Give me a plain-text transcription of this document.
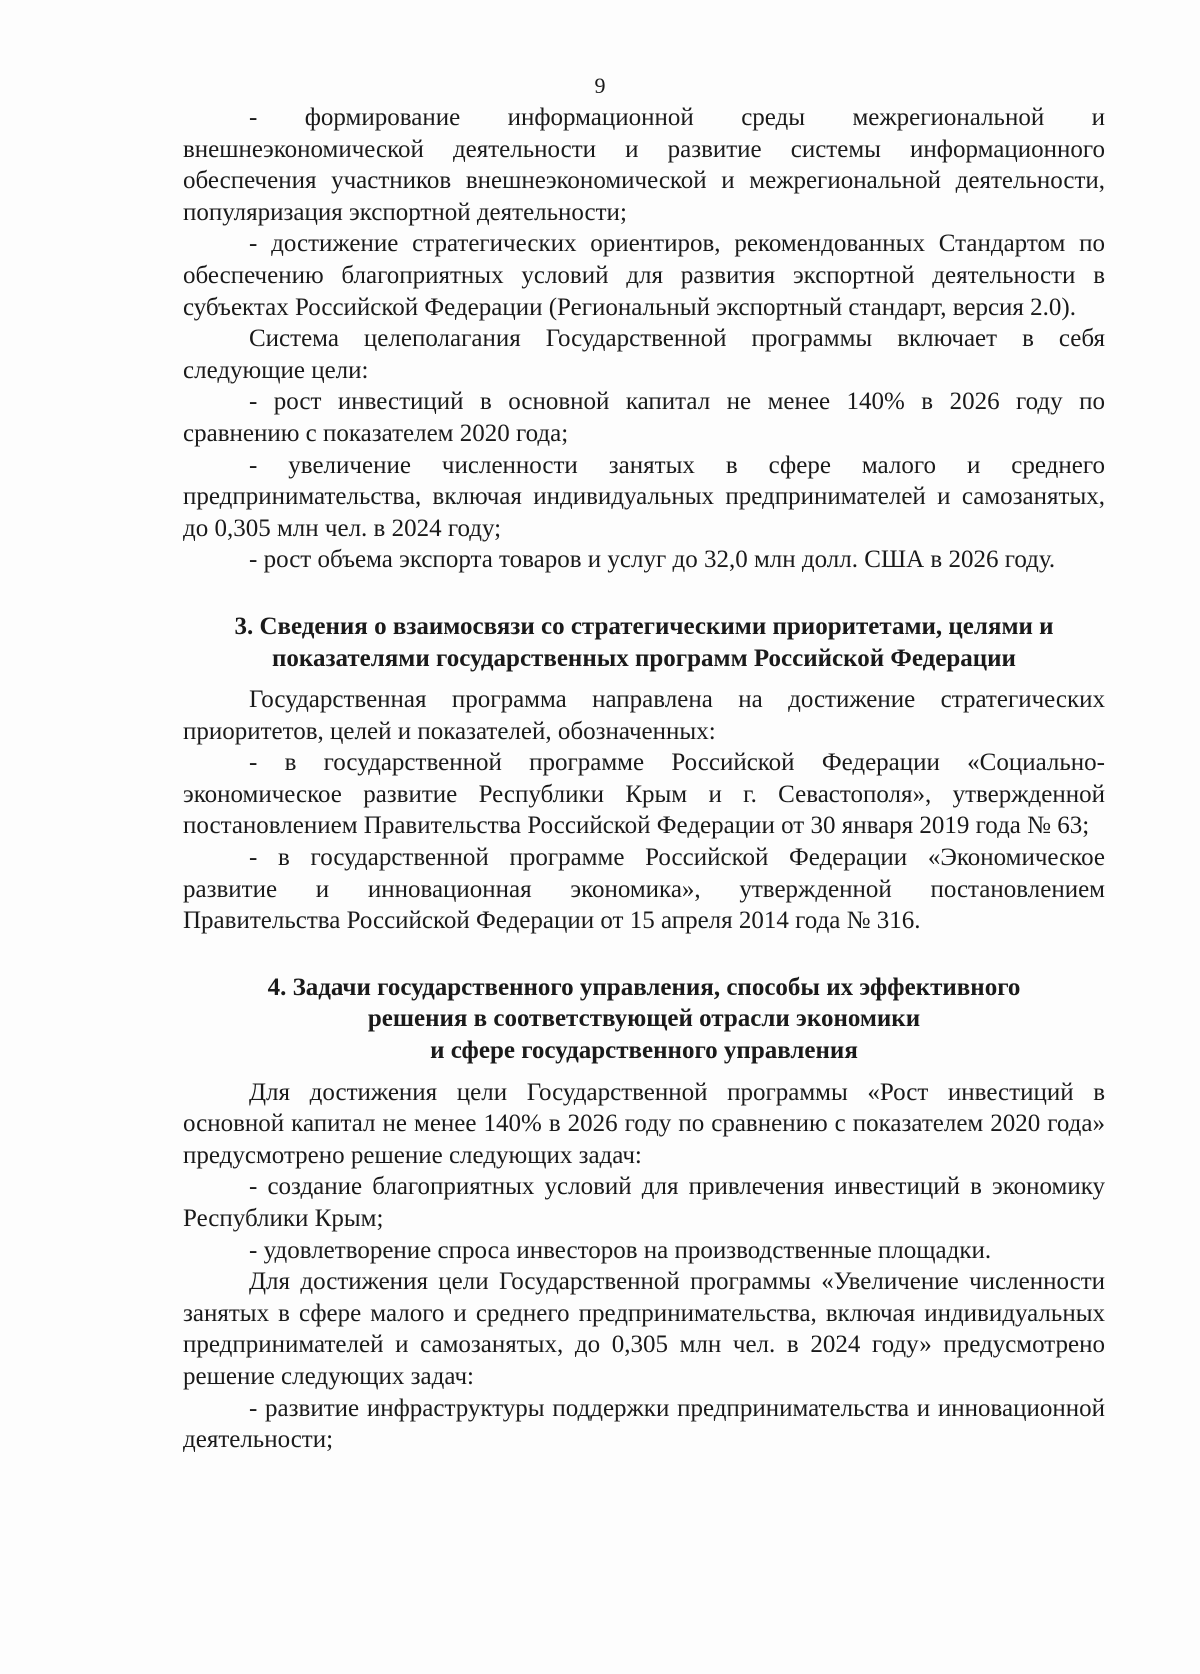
9

- формирование информационной среды межрегиональной и внешнеэкономической деятельности и развитие системы информационного обеспечения участников внешнеэкономической и межрегиональной деятельности, популяризация экспортной деятельности;

- достижение стратегических ориентиров, рекомендованных Стандартом по обеспечению благоприятных условий для развития экспортной деятельности в субъектах Российской Федерации (Региональный экспортный стандарт, версия 2.0).

Система целеполагания Государственной программы включает в себя следующие цели:

- рост инвестиций в основной капитал не менее 140% в 2026 году по сравнению с показателем 2020 года;

- увеличение численности занятых в сфере малого и среднего предпринимательства, включая индивидуальных предпринимателей и самозанятых, до 0,305 млн чел. в 2024 году;

- рост объема экспорта товаров и услуг до 32,0 млн долл. США в 2026 году.

3. Сведения о взаимосвязи со стратегическими приоритетами, целями и показателями государственных программ Российской Федерации

Государственная программа направлена на достижение стратегических приоритетов, целей и показателей, обозначенных:

- в государственной программе Российской Федерации «Социально-экономическое развитие Республики Крым и г. Севастополя», утвержденной постановлением Правительства Российской Федерации от 30 января 2019 года № 63;

- в государственной программе Российской Федерации «Экономическое развитие и инновационная экономика», утвержденной постановлением Правительства Российской Федерации от 15 апреля 2014 года № 316.

4. Задачи государственного управления, способы их эффективного
решения в соответствующей отрасли экономики
и сфере государственного управления

Для достижения цели Государственной программы «Рост инвестиций в основной капитал не менее 140% в 2026 году по сравнению с показателем 2020 года» предусмотрено решение следующих задач:

- создание благоприятных условий для привлечения инвестиций в экономику Республики Крым;

- удовлетворение спроса инвесторов на производственные площадки.

Для достижения цели Государственной программы «Увеличение численности занятых в сфере малого и среднего предпринимательства, включая индивидуальных предпринимателей и самозанятых, до 0,305 млн чел. в 2024 году» предусмотрено решение следующих задач:

- развитие инфраструктуры поддержки предпринимательства и инновационной деятельности;
